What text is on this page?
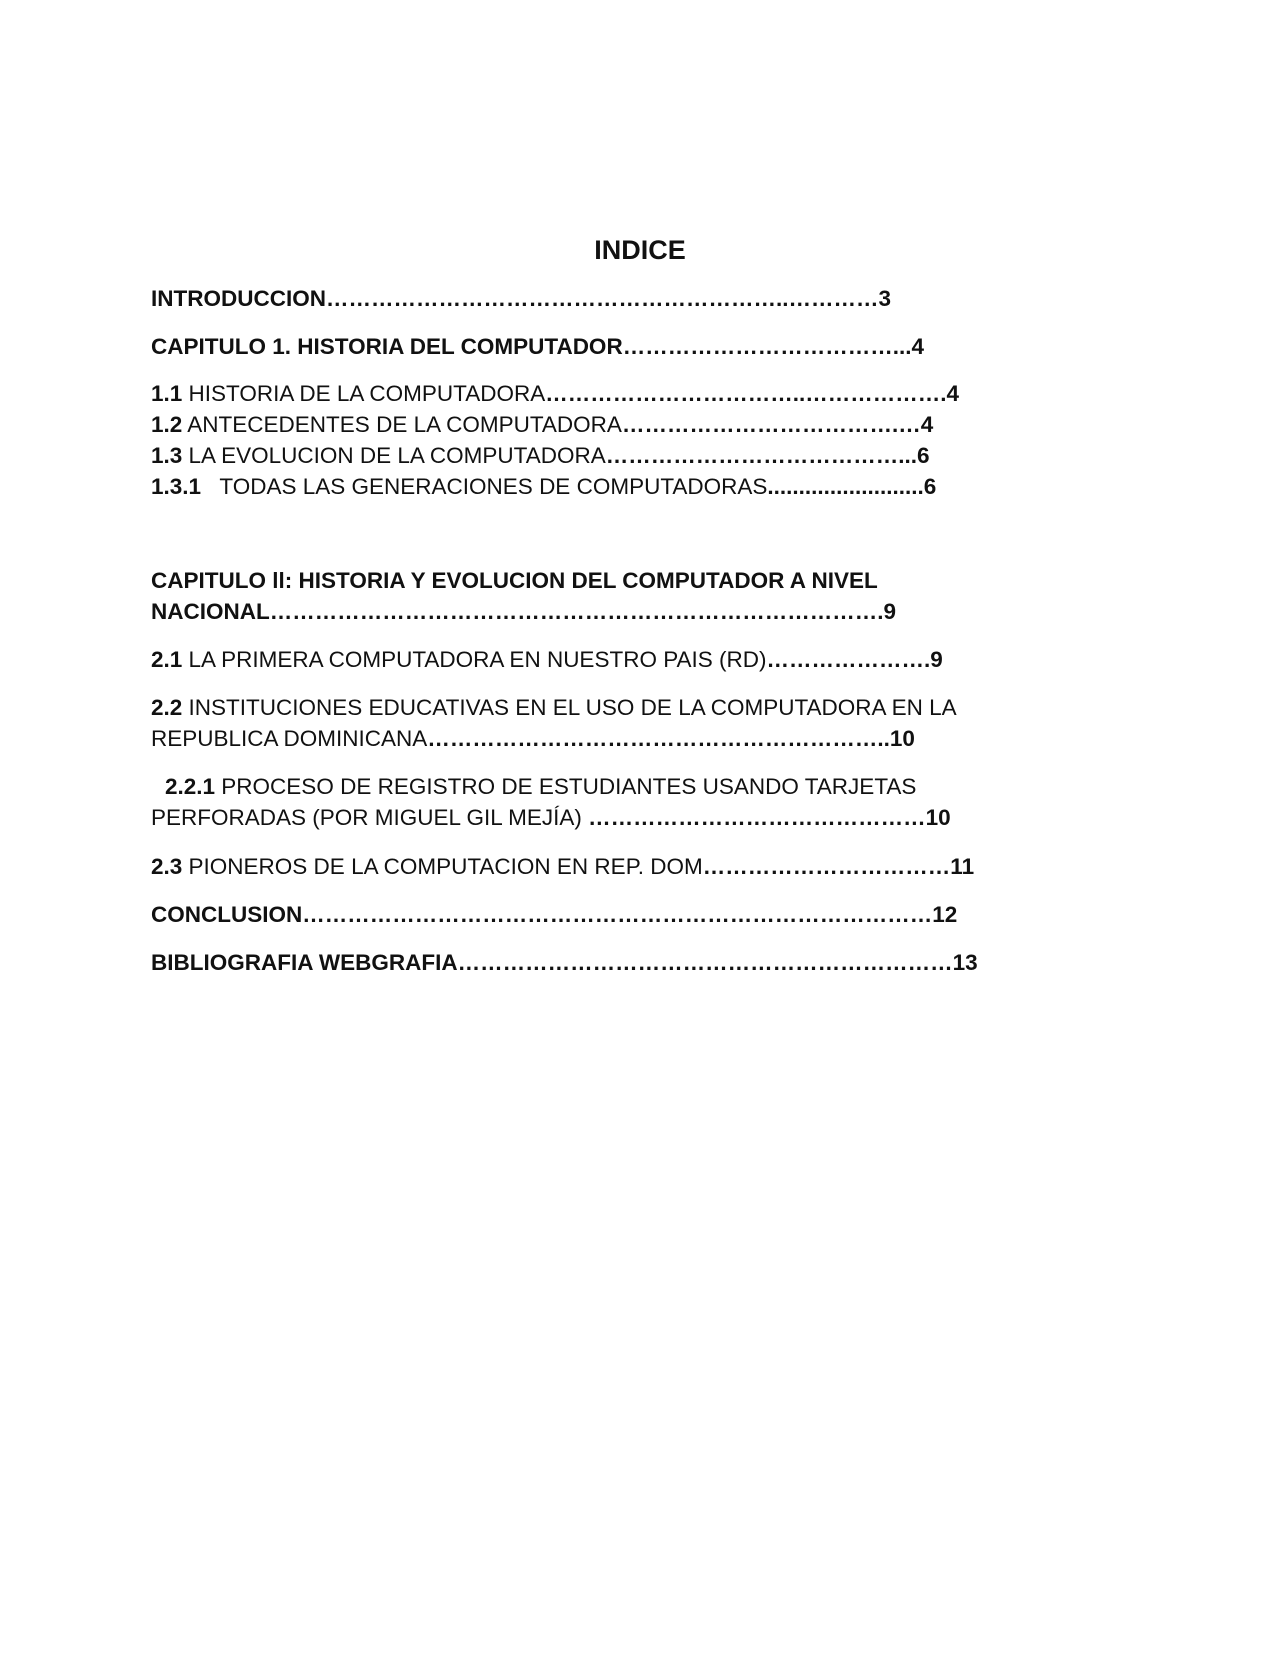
INDICE
INTRODUCCION……………………………………………………..…………3
CAPITULO 1. HISTORIA DEL COMPUTADOR………………………………...4
1.1 HISTORIA DE LA COMPUTADORA……………………………..……………….4
1.2 ANTECEDENTES DE LA COMPUTADORA……………………………….…4
1.3 LA EVOLUCION DE LA COMPUTADORA…………………………………...6
1.3.1   TODAS LAS GENERACIONES DE COMPUTADORAS.........................6
CAPITULO ll: HISTORIA Y EVOLUCION DEL COMPUTADOR A NIVEL
NACIONAL……………………………………………………………………….9
2.1 LA PRIMERA COMPUTADORA EN NUESTRO PAIS (RD)………………….9
2.2 INSTITUCIONES EDUCATIVAS EN EL USO DE LA COMPUTADORA EN LA
REPUBLICA DOMINICANA……………………………………………………..10
2.2.1 PROCESO DE REGISTRO DE ESTUDIANTES USANDO TARJETAS
PERFORADAS (POR MIGUEL GIL MEJÍA) ………………………………………10
2.3 PIONEROS DE LA COMPUTACION EN REP. DOM……………………………11
CONCLUSION…………………………………………………………………………12
BIBLIOGRAFIA WEBGRAFIA…………………………………………………………13
